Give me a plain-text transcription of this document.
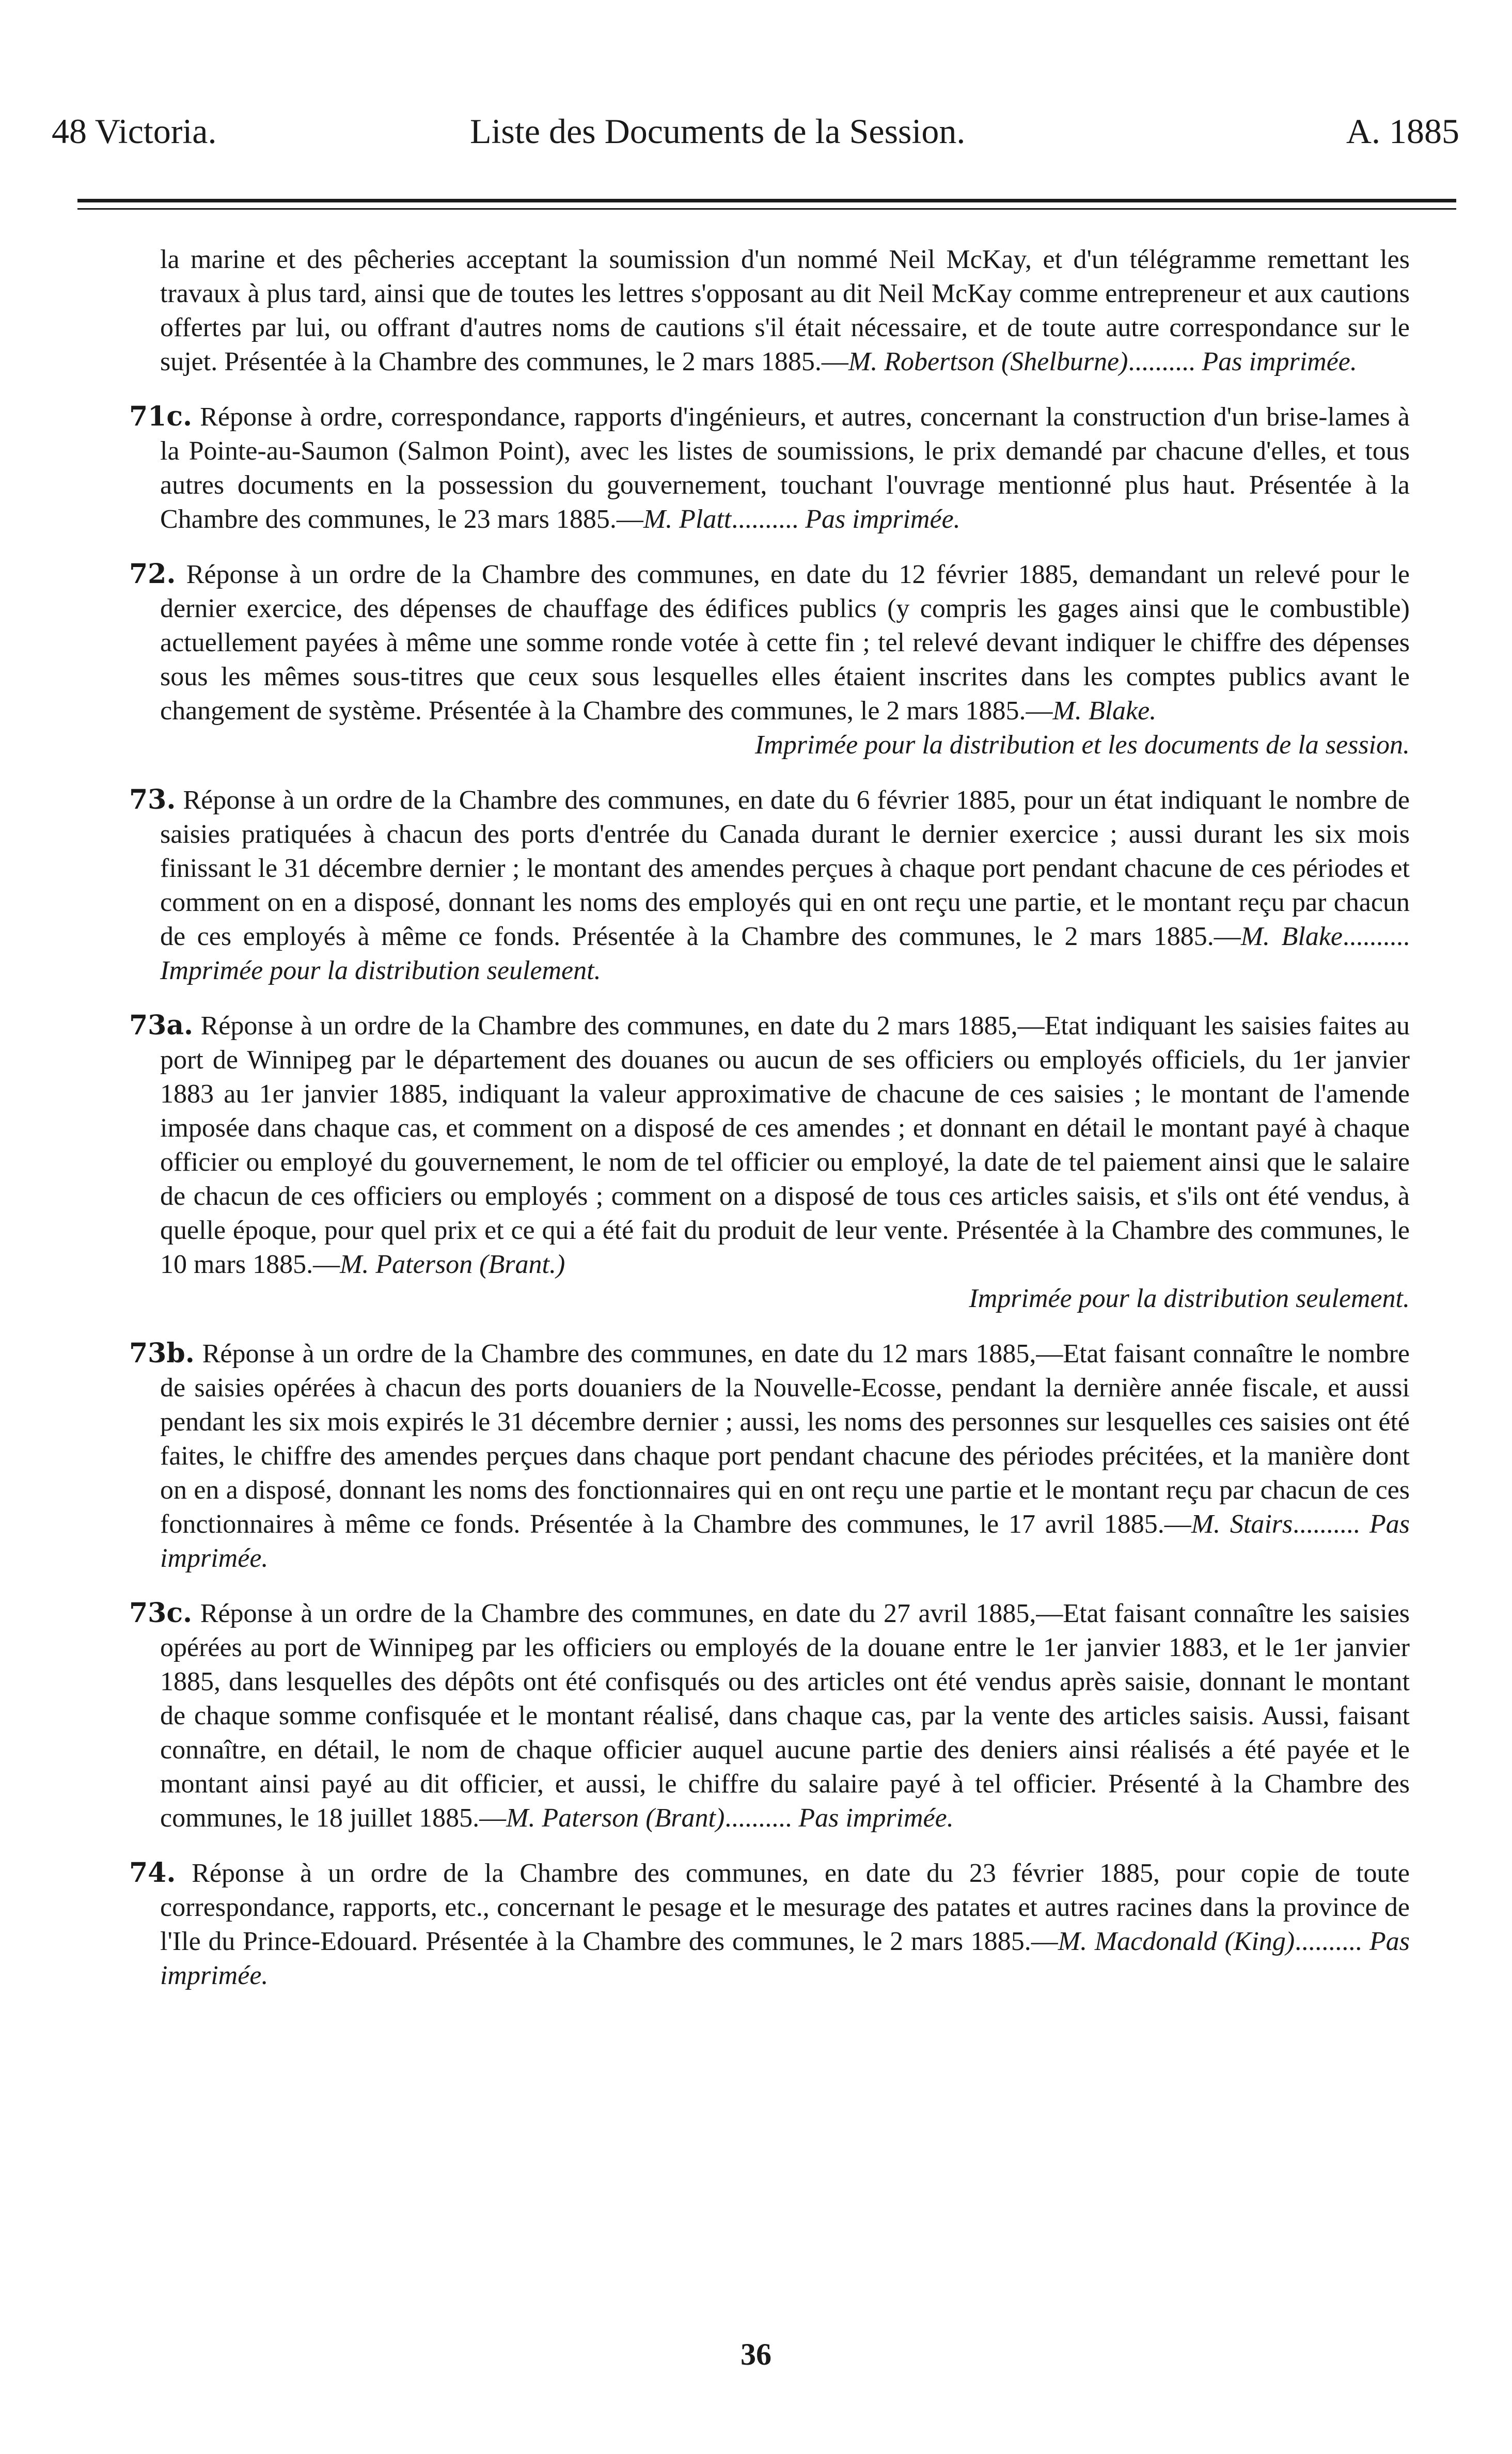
48 Victoria.	Liste des Documents de la Session.	A. 1885

la marine et des pêcheries acceptant la soumission d'un nommé Neil McKay, et d'un télégramme remettant les travaux à plus tard, ainsi que de toutes les lettres s'opposant au dit Neil McKay comme entrepreneur et aux cautions offertes par lui, ou offrant d'autres noms de cautions s'il était nécessaire, et de toute autre correspondance sur le sujet. Présentée à la Chambre des communes, le 2 mars 1885.—M. Robertson (Shelburne).......... Pas imprimée.

71c. Réponse à ordre, correspondance, rapports d'ingénieurs, et autres, concernant la construction d'un brise-lames à la Pointe-au-Saumon (Salmon Point), avec les listes de soumissions, le prix demandé par chacune d'elles, et tous autres documents en la possession du gouvernement, touchant l'ouvrage mentionné plus haut. Présentée à la Chambre des communes, le 23 mars 1885.—M. Platt.......... Pas imprimée.

72. Réponse à un ordre de la Chambre des communes, en date du 12 février 1885, demandant un relevé pour le dernier exercice, des dépenses de chauffage des édifices publics (y compris les gages ainsi que le combustible) actuellement payées à même une somme ronde votée à cette fin ; tel relevé devant indiquer le chiffre des dépenses sous les mêmes sous-titres que ceux sous lesquelles elles étaient inscrites dans les comptes publics avant le changement de système. Présentée à la Chambre des communes, le 2 mars 1885.—M. Blake.

Imprimée pour la distribution et les documents de la session.

73. Réponse à un ordre de la Chambre des communes, en date du 6 février 1885, pour un état indiquant le nombre de saisies pratiquées à chacun des ports d'entrée du Canada durant le dernier exercice ; aussi durant les six mois finissant le 31 décembre dernier ; le montant des amendes perçues à chaque port pendant chacune de ces périodes et comment on en a disposé, donnant les noms des employés qui en ont reçu une partie, et le montant reçu par chacun de ces employés à même ce fonds. Présentée à la Chambre des communes, le 2 mars 1885.—M. Blake.......... Imprimée pour la distribution seulement.

73a. Réponse à un ordre de la Chambre des communes, en date du 2 mars 1885,—Etat indiquant les saisies faites au port de Winnipeg par le département des douanes ou aucun de ses officiers ou employés officiels, du 1er janvier 1883 au 1er janvier 1885, indiquant la valeur approximative de chacune de ces saisies ; le montant de l'amende imposée dans chaque cas, et comment on a disposé de ces amendes ; et donnant en détail le montant payé à chaque officier ou employé du gouvernement, le nom de tel officier ou employé, la date de tel paiement ainsi que le salaire de chacun de ces officiers ou employés ; comment on a disposé de tous ces articles saisis, et s'ils ont été vendus, à quelle époque, pour quel prix et ce qui a été fait du produit de leur vente. Présentée à la Chambre des communes, le 10 mars 1885.—M. Paterson (Brant.)

Imprimée pour la distribution seulement.

73b. Réponse à un ordre de la Chambre des communes, en date du 12 mars 1885,—Etat faisant connaître le nombre de saisies opérées à chacun des ports douaniers de la Nouvelle-Ecosse, pendant la dernière année fiscale, et aussi pendant les six mois expirés le 31 décembre dernier ; aussi, les noms des personnes sur lesquelles ces saisies ont été faites, le chiffre des amendes perçues dans chaque port pendant chacune des périodes précitées, et la manière dont on en a disposé, donnant les noms des fonctionnaires qui en ont reçu une partie et le montant reçu par chacun de ces fonctionnaires à même ce fonds. Présentée à la Chambre des communes, le 17 avril 1885.—M. Stairs.......... Pas imprimée.

73c. Réponse à un ordre de la Chambre des communes, en date du 27 avril 1885,—Etat faisant connaître les saisies opérées au port de Winnipeg par les officiers ou employés de la douane entre le 1er janvier 1883, et le 1er janvier 1885, dans lesquelles des dépôts ont été confisqués ou des articles ont été vendus après saisie, donnant le montant de chaque somme confisquée et le montant réalisé, dans chaque cas, par la vente des articles saisis. Aussi, faisant connaître, en détail, le nom de chaque officier auquel aucune partie des deniers ainsi réalisés a été payée et le montant ainsi payé au dit officier, et aussi, le chiffre du salaire payé à tel officier. Présenté à la Chambre des communes, le 18 juillet 1885.—M. Paterson (Brant).......... Pas imprimée.

74. Réponse à un ordre de la Chambre des communes, en date du 23 février 1885, pour copie de toute correspondance, rapports, etc., concernant le pesage et le mesurage des patates et autres racines dans la province de l'Ile du Prince-Edouard. Présentée à la Chambre des communes, le 2 mars 1885.—M. Macdonald (King).......... Pas imprimée.

36
